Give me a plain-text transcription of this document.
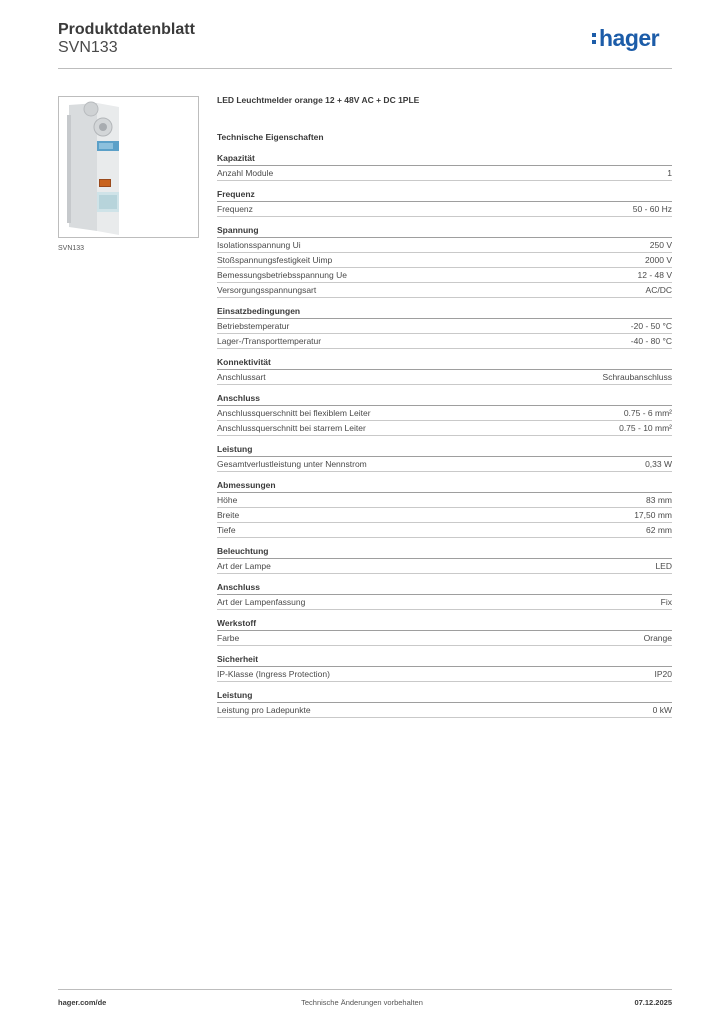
Produktdatenblatt
SVN133	hager
SVN133
LED Leuchtmelder orange 12 + 48V AC + DC 1PLE
Technische Eigenschaften
Kapazität
Anzahl Module	1
Frequenz
Frequenz	50 - 60 Hz
Spannung
Isolationsspannung Ui	250 V
Stoßspannungsfestigkeit Uimp	2000 V
Bemessungsbetriebsspannung Ue	12 - 48 V
Versorgungsspannungsart	AC/DC
Einsatzbedingungen
Betriebstemperatur	-20 - 50 °C
Lager-/Transporttemperatur	-40 - 80 °C
Konnektivität
Anschlussart	Schraubanschluss
Anschluss
Anschlussquerschnitt bei flexiblem Leiter	0.75 - 6 mm²
Anschlussquerschnitt bei starrem Leiter	0.75 - 10 mm²
Leistung
Gesamtverlustleistung unter Nennstrom	0,33 W
Abmessungen
Höhe	83 mm
Breite	17,50 mm
Tiefe	62 mm
Beleuchtung
Art der Lampe	LED
Anschluss
Art der Lampenfassung	Fix
Werkstoff
Farbe	Orange
Sicherheit
IP-Klasse (Ingress Protection)	IP20
Leistung
Leistung pro Ladepunkte	0 kW
hager.com/de	Technische Änderungen vorbehalten	07.12.2025
